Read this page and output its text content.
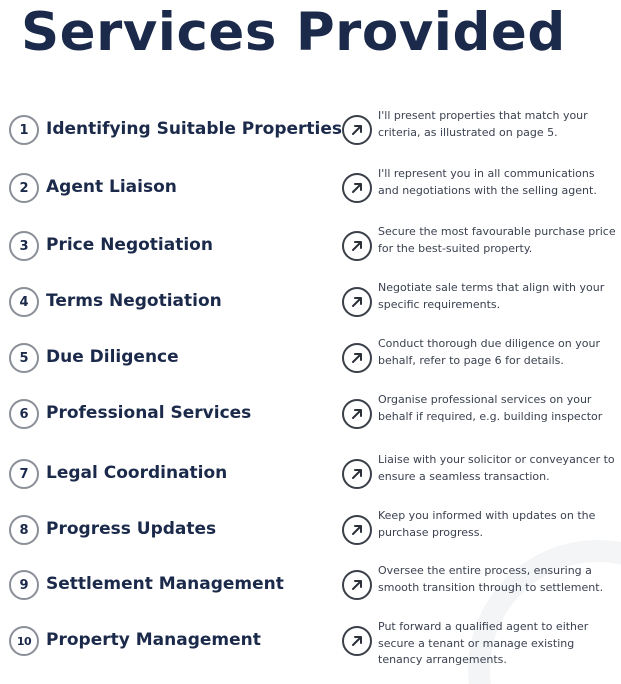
Services Provided
1	Identifying Suitable Properties

I'll present properties that match your criteria, as illustrated on page 5.

2	Agent Liaison

I'll represent you in all communications and negotiations with the selling agent.

3	Price Negotiation

Secure the most favourable purchase price for the best-suited property.

4	Terms Negotiation

Negotiate sale terms that align with your specific requirements.

5	Due Diligence

Conduct thorough due diligence on your behalf, refer to page 6 for details.

6	Professional Services

Organise professional services on your behalf if required, e.g. building inspector

7	Legal Coordination

Liaise with your solicitor or conveyancer to ensure a seamless transaction.

8	Progress Updates

Keep you informed with updates on the purchase progress.

9	Settlement Management

Oversee the entire process, ensuring a smooth transition through to settlement.

10 Property Management

Put forward a qualified agent to either secure a tenant or manage existing tenancy arrangements.
